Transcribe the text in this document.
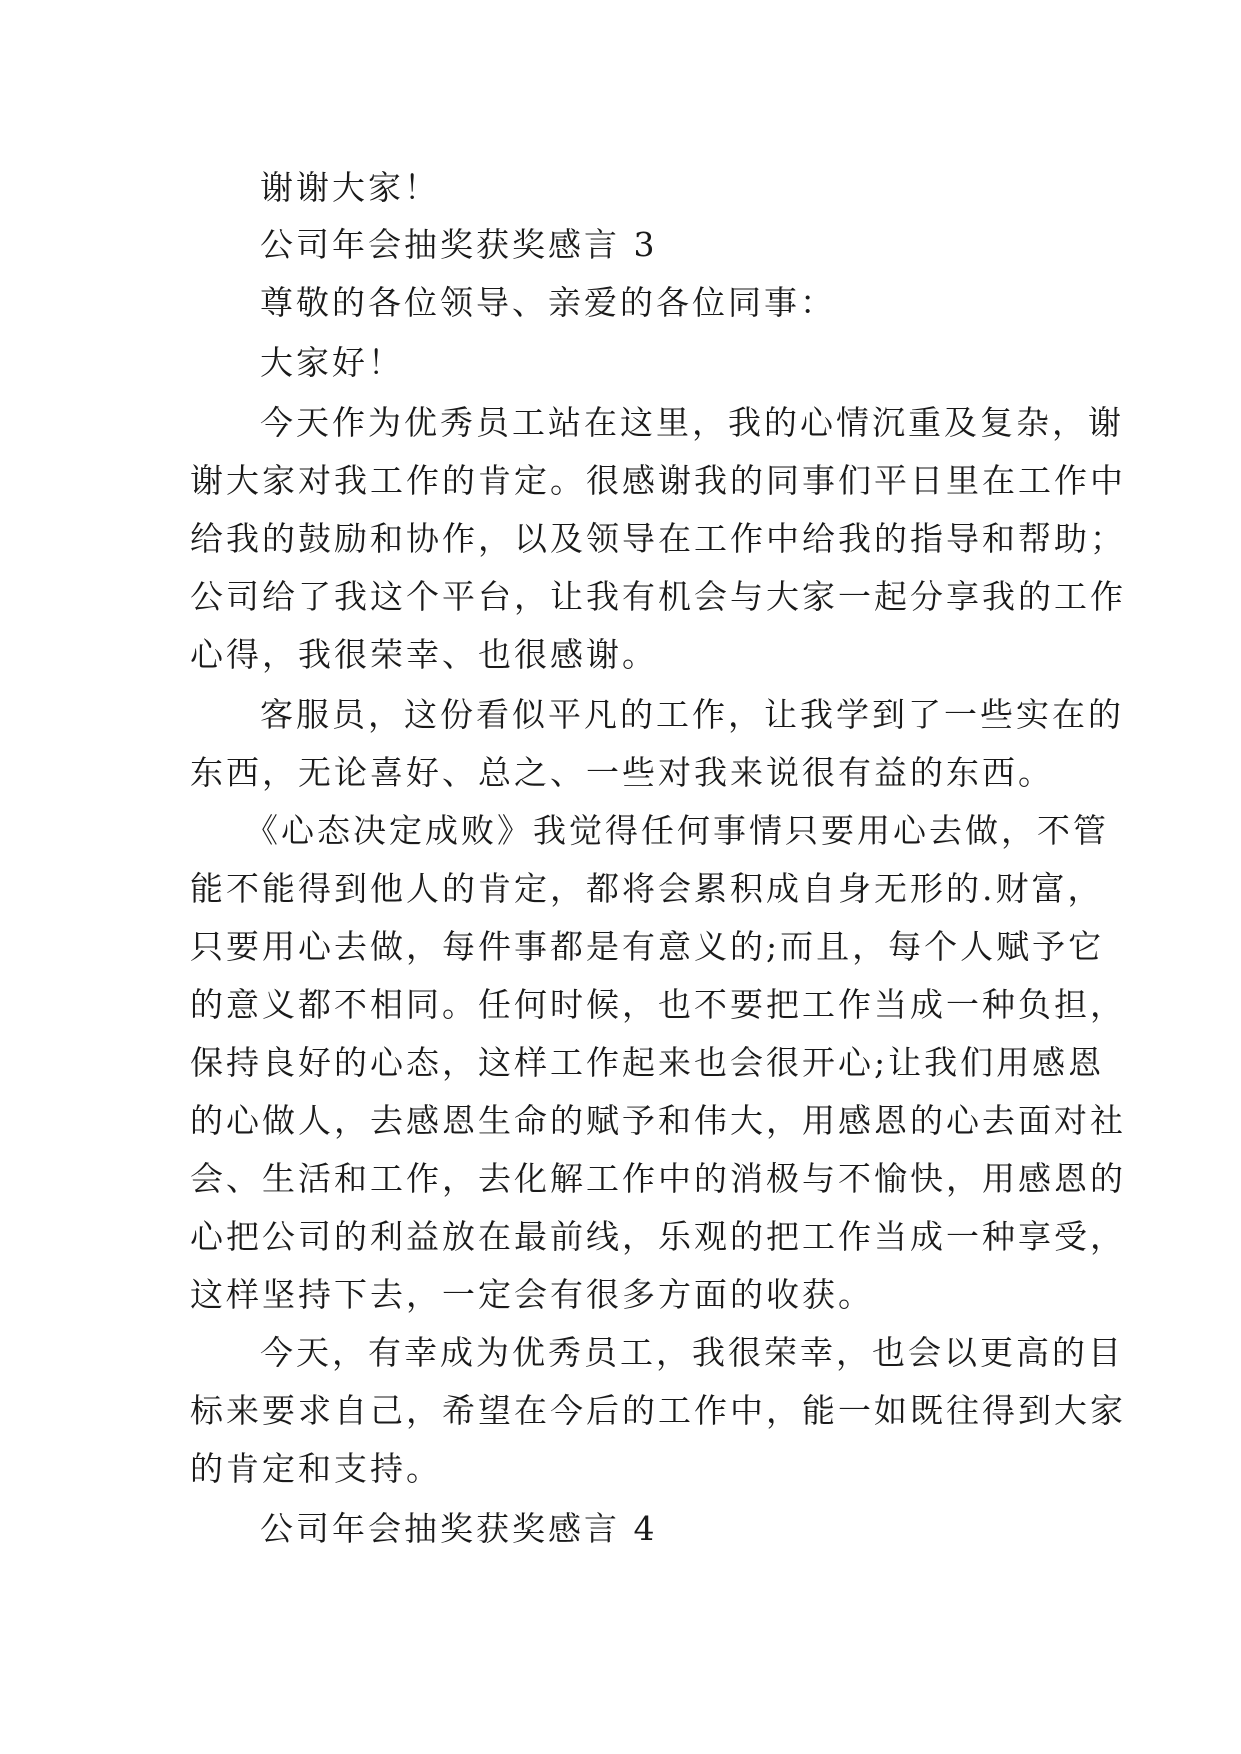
谢谢大家！
公司年会抽奖获奖感言 3
尊敬的各位领导、亲爱的各位同事：
大家好！
今天作为优秀员工站在这里，我的心情沉重及复杂，谢
谢大家对我工作的肯定。很感谢我的同事们平日里在工作中
给我的鼓励和协作，以及领导在工作中给我的指导和帮助；
公司给了我这个平台，让我有机会与大家一起分享我的工作
心得，我很荣幸、也很感谢。
客服员，这份看似平凡的工作，让我学到了一些实在的
东西，无论喜好、总之、一些对我来说很有益的东西。
《心态决定成败》我觉得任何事情只要用心去做，不管
能不能得到他人的肯定，都将会累积成自身无形的.财富，
只要用心去做，每件事都是有意义的;而且，每个人赋予它
的意义都不相同。任何时候，也不要把工作当成一种负担，
保持良好的心态，这样工作起来也会很开心;让我们用感恩
的心做人，去感恩生命的赋予和伟大，用感恩的心去面对社
会、生活和工作，去化解工作中的消极与不愉快，用感恩的
心把公司的利益放在最前线，乐观的把工作当成一种享受，
这样坚持下去，一定会有很多方面的收获。
今天，有幸成为优秀员工，我很荣幸，也会以更高的目
标来要求自己，希望在今后的工作中，能一如既往得到大家
的肯定和支持。
公司年会抽奖获奖感言 4
